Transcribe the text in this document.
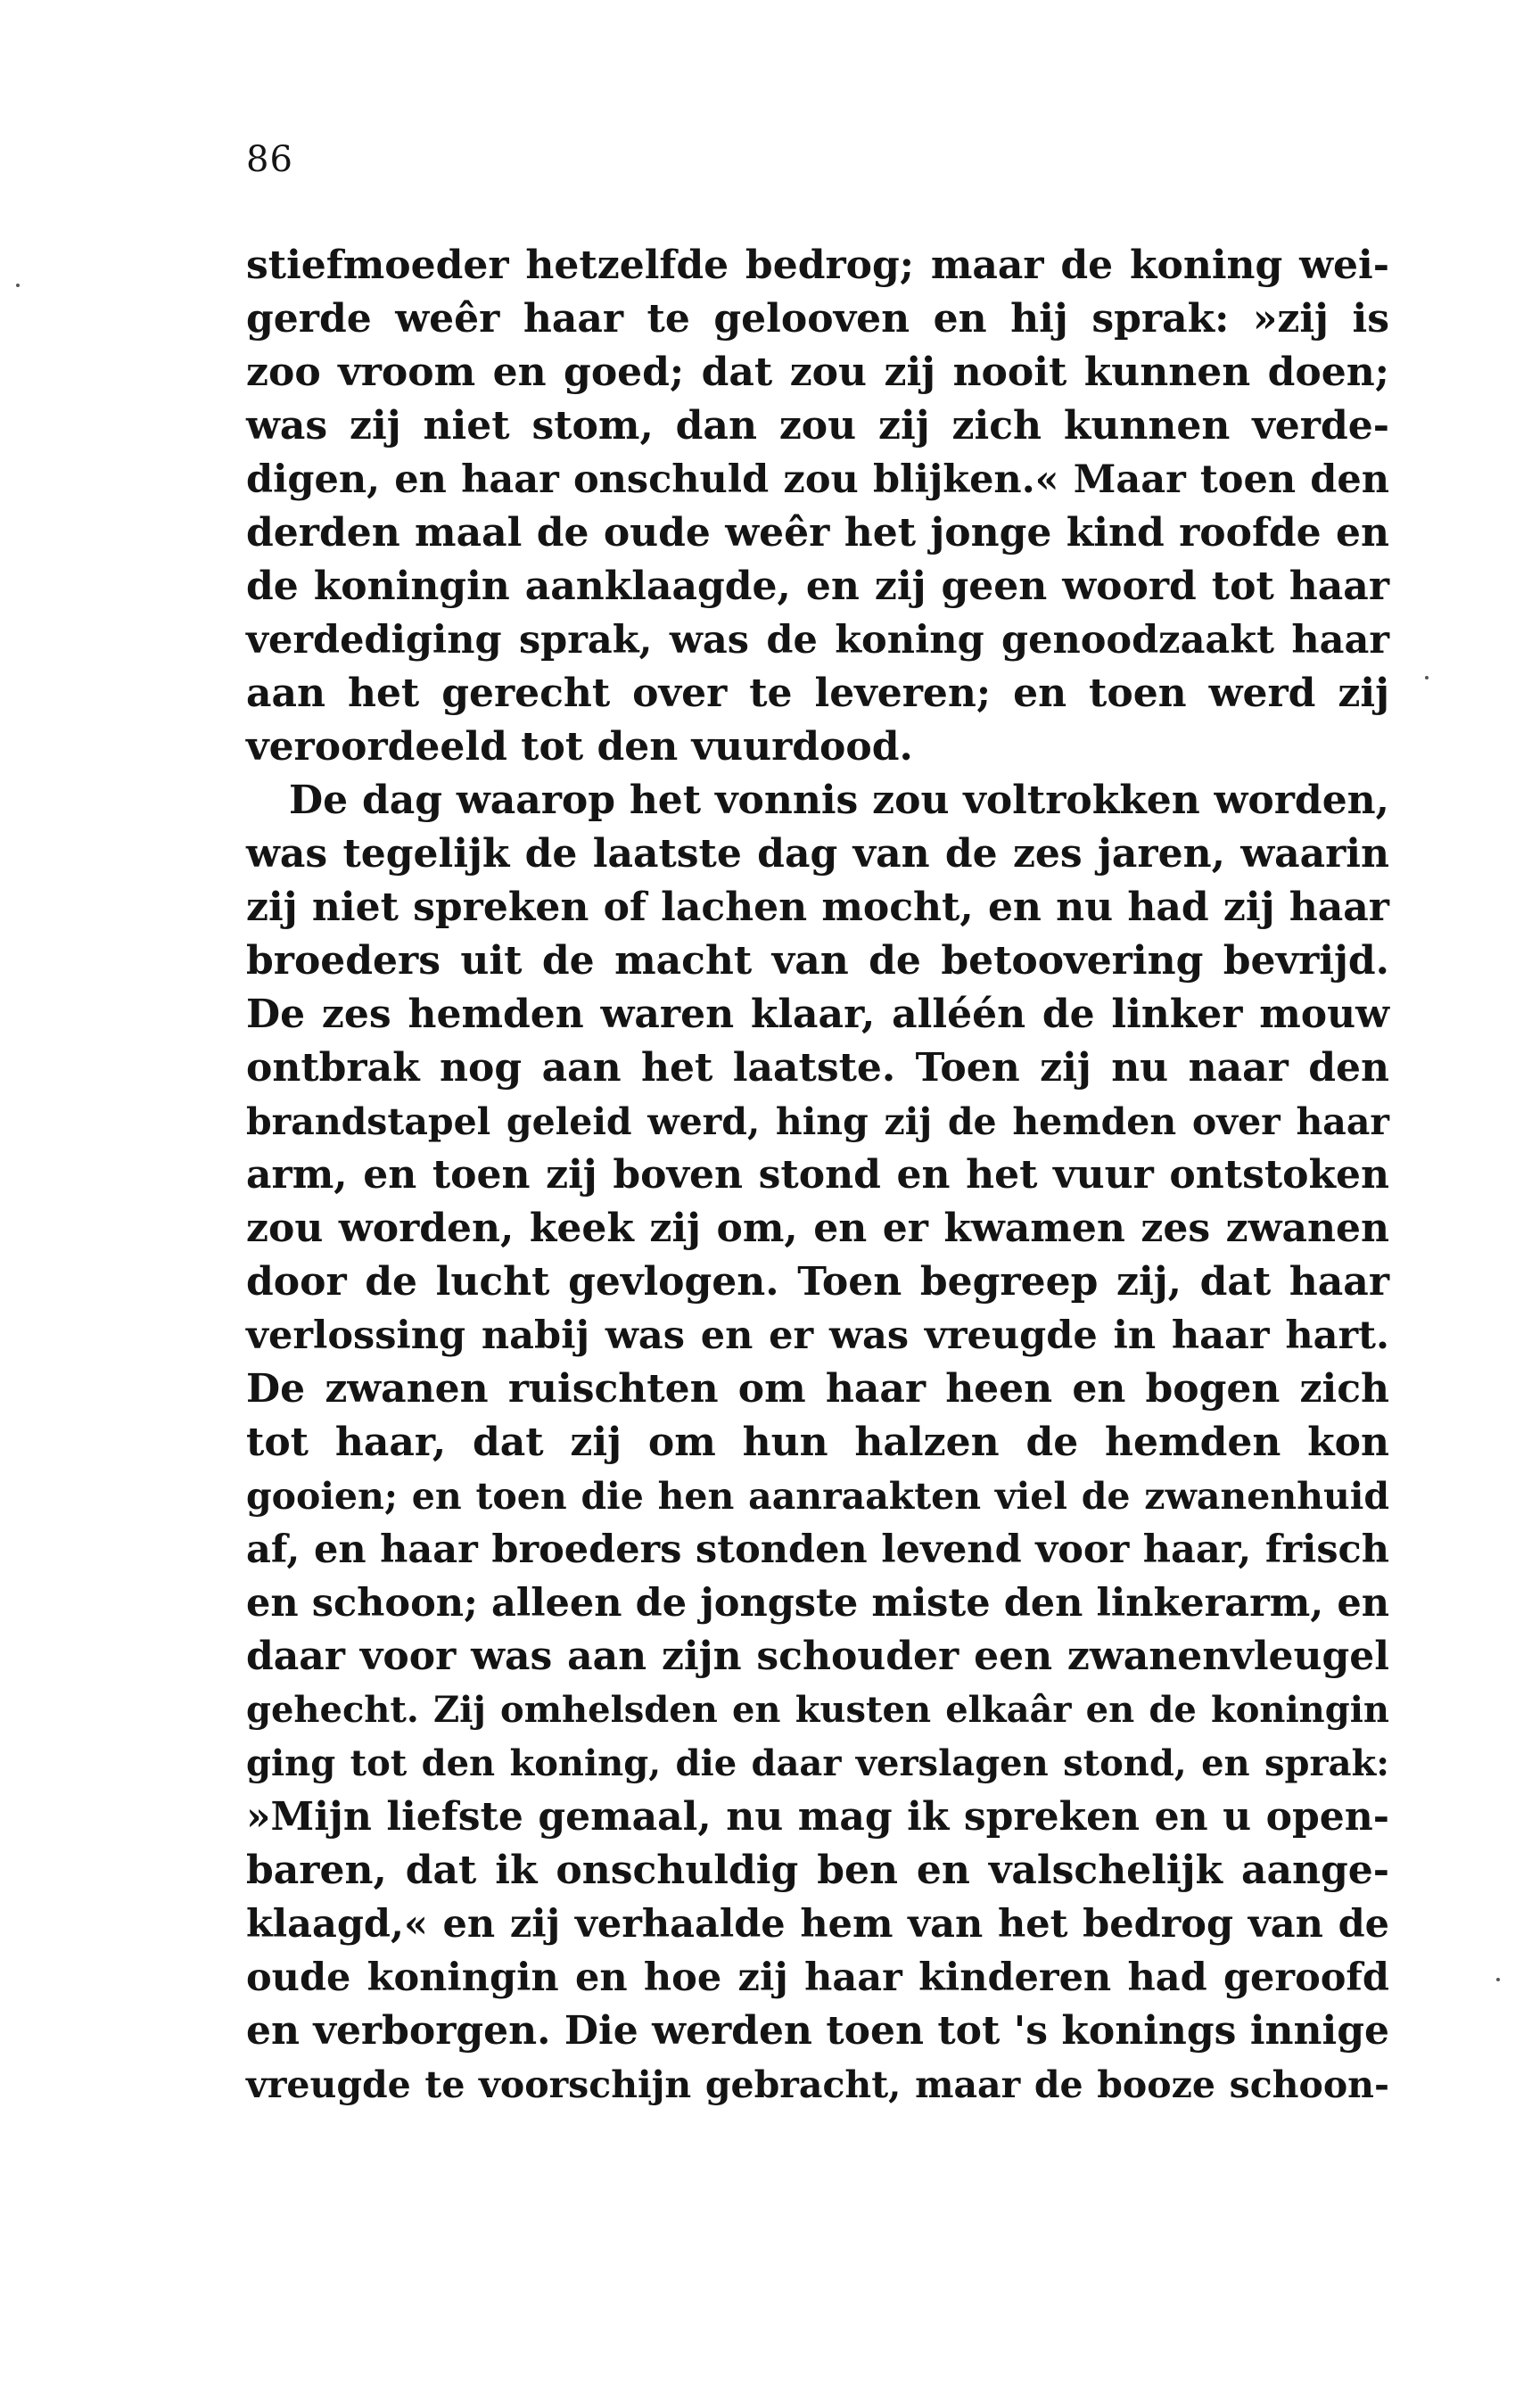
86
stiefmoeder hetzelfde bedrog; maar de koning wei-
gerde weêr haar te gelooven en hij sprak: »zij is
zoo vroom en goed; dat zou zij nooit kunnen doen;
was zij niet stom, dan zou zij zich kunnen verde-
digen, en haar onschuld zou blijken.« Maar toen den
derden maal de oude weêr het jonge kind roofde en
de koningin aanklaagde, en zij geen woord tot haar
verdediging sprak, was de koning genoodzaakt haar
aan het gerecht over te leveren; en toen werd zij
veroordeeld tot den vuurdood.
De dag waarop het vonnis zou voltrokken worden,
was tegelijk de laatste dag van de zes jaren, waarin
zij niet spreken of lachen mocht, en nu had zij haar
broeders uit de macht van de betoovering bevrijd.
De zes hemden waren klaar, alléén de linker mouw
ontbrak nog aan het laatste. Toen zij nu naar den
brandstapel geleid werd, hing zij de hemden over haar
arm, en toen zij boven stond en het vuur ontstoken
zou worden, keek zij om, en er kwamen zes zwanen
door de lucht gevlogen. Toen begreep zij, dat haar
verlossing nabij was en er was vreugde in haar hart.
De zwanen ruischten om haar heen en bogen zich
tot haar, dat zij om hun halzen de hemden kon
gooien; en toen die hen aanraakten viel de zwanenhuid
af, en haar broeders stonden levend voor haar, frisch
en schoon; alleen de jongste miste den linkerarm, en
daar voor was aan zijn schouder een zwanenvleugel
gehecht. Zij omhelsden en kusten elkaâr en de koningin
ging tot den koning, die daar verslagen stond, en sprak:
»Mijn liefste gemaal, nu mag ik spreken en u open-
baren, dat ik onschuldig ben en valschelijk aange-
klaagd,« en zij verhaalde hem van het bedrog van de
oude koningin en hoe zij haar kinderen had geroofd
en verborgen. Die werden toen tot 's konings innige
vreugde te voorschijn gebracht, maar de booze schoon-
